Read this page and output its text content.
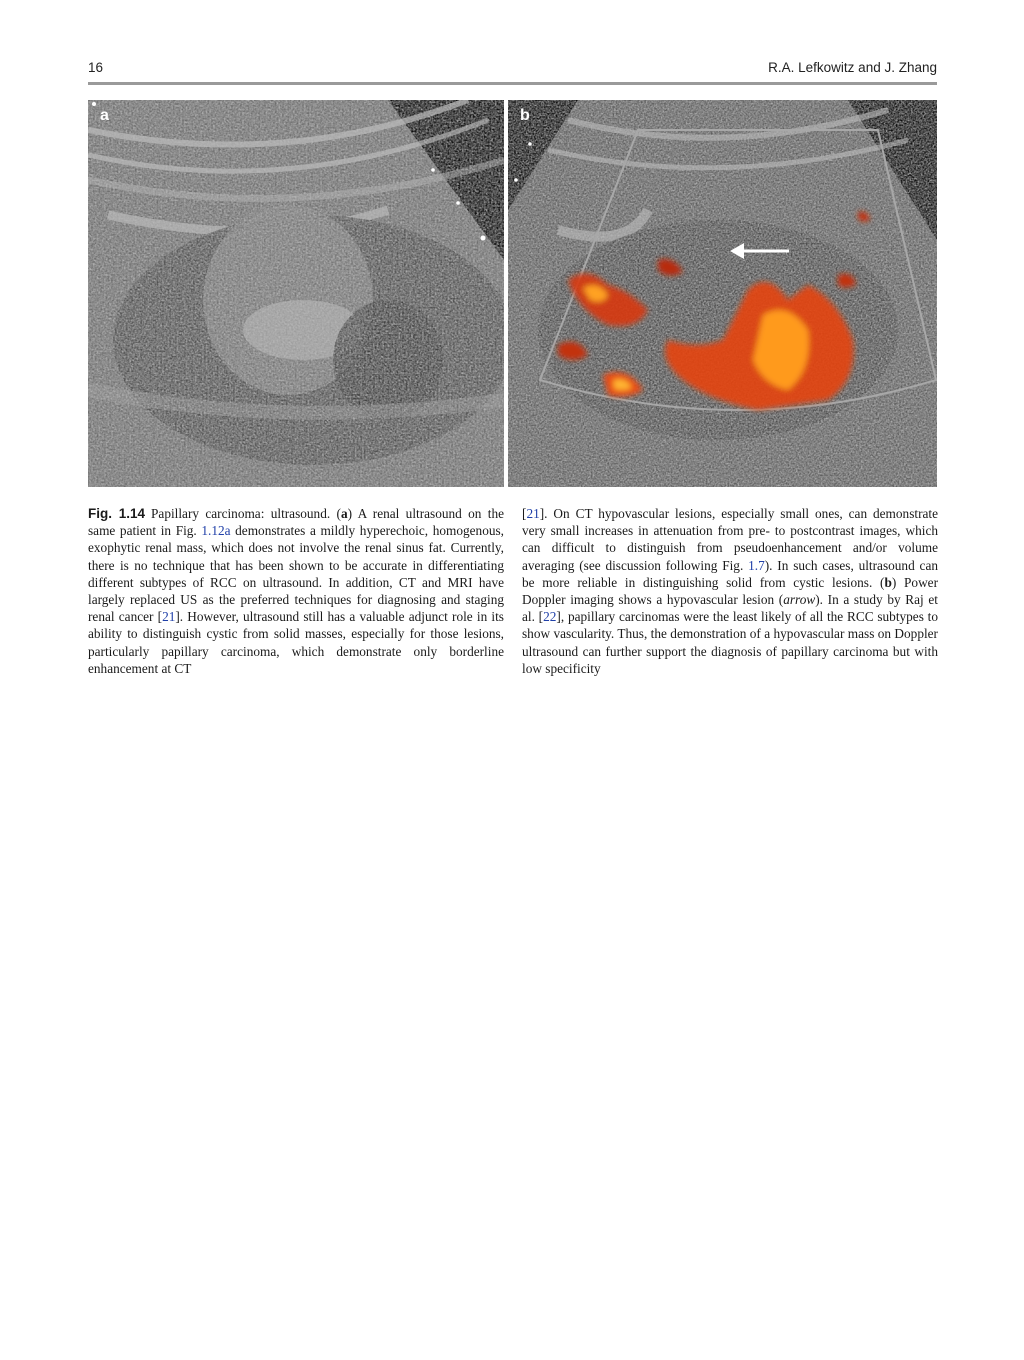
16	R.A. Lefkowitz and J. Zhang
a	b
Fig. 1.14 Papillary carcinoma: ultrasound. (a) A renal ultrasound on the same patient in Fig. 1.12a demonstrates a mildly hyperechoic, homogenous, exophytic renal mass, which does not involve the renal sinus fat. Currently, there is no technique that has been shown to be accurate in differentiating different subtypes of RCC on ultrasound. In addition, CT and MRI have largely replaced US as the preferred techniques for diagnosing and staging renal cancer [21]. However, ultrasound still has a valuable adjunct role in its ability to distinguish cystic from solid masses, especially for those lesions, particularly papillary carcinoma, which demonstrate only borderline enhancement at CT
[21]. On CT hypovascular lesions, especially small ones, can demonstrate very small increases in attenuation from pre- to postcontrast images, which can difficult to distinguish from pseudoenhancement and/or volume averaging (see discussion following Fig. 1.7). In such cases, ultrasound can be more reliable in distinguishing solid from cystic lesions. (b) Power Doppler imaging shows a hypovascular lesion (arrow). In a study by Raj et al. [22], papillary carcinomas were the least likely of all the RCC subtypes to show vascularity. Thus, the demonstration of a hypovascular mass on Doppler ultrasound can further support the diagnosis of papillary carcinoma but with low specificity
